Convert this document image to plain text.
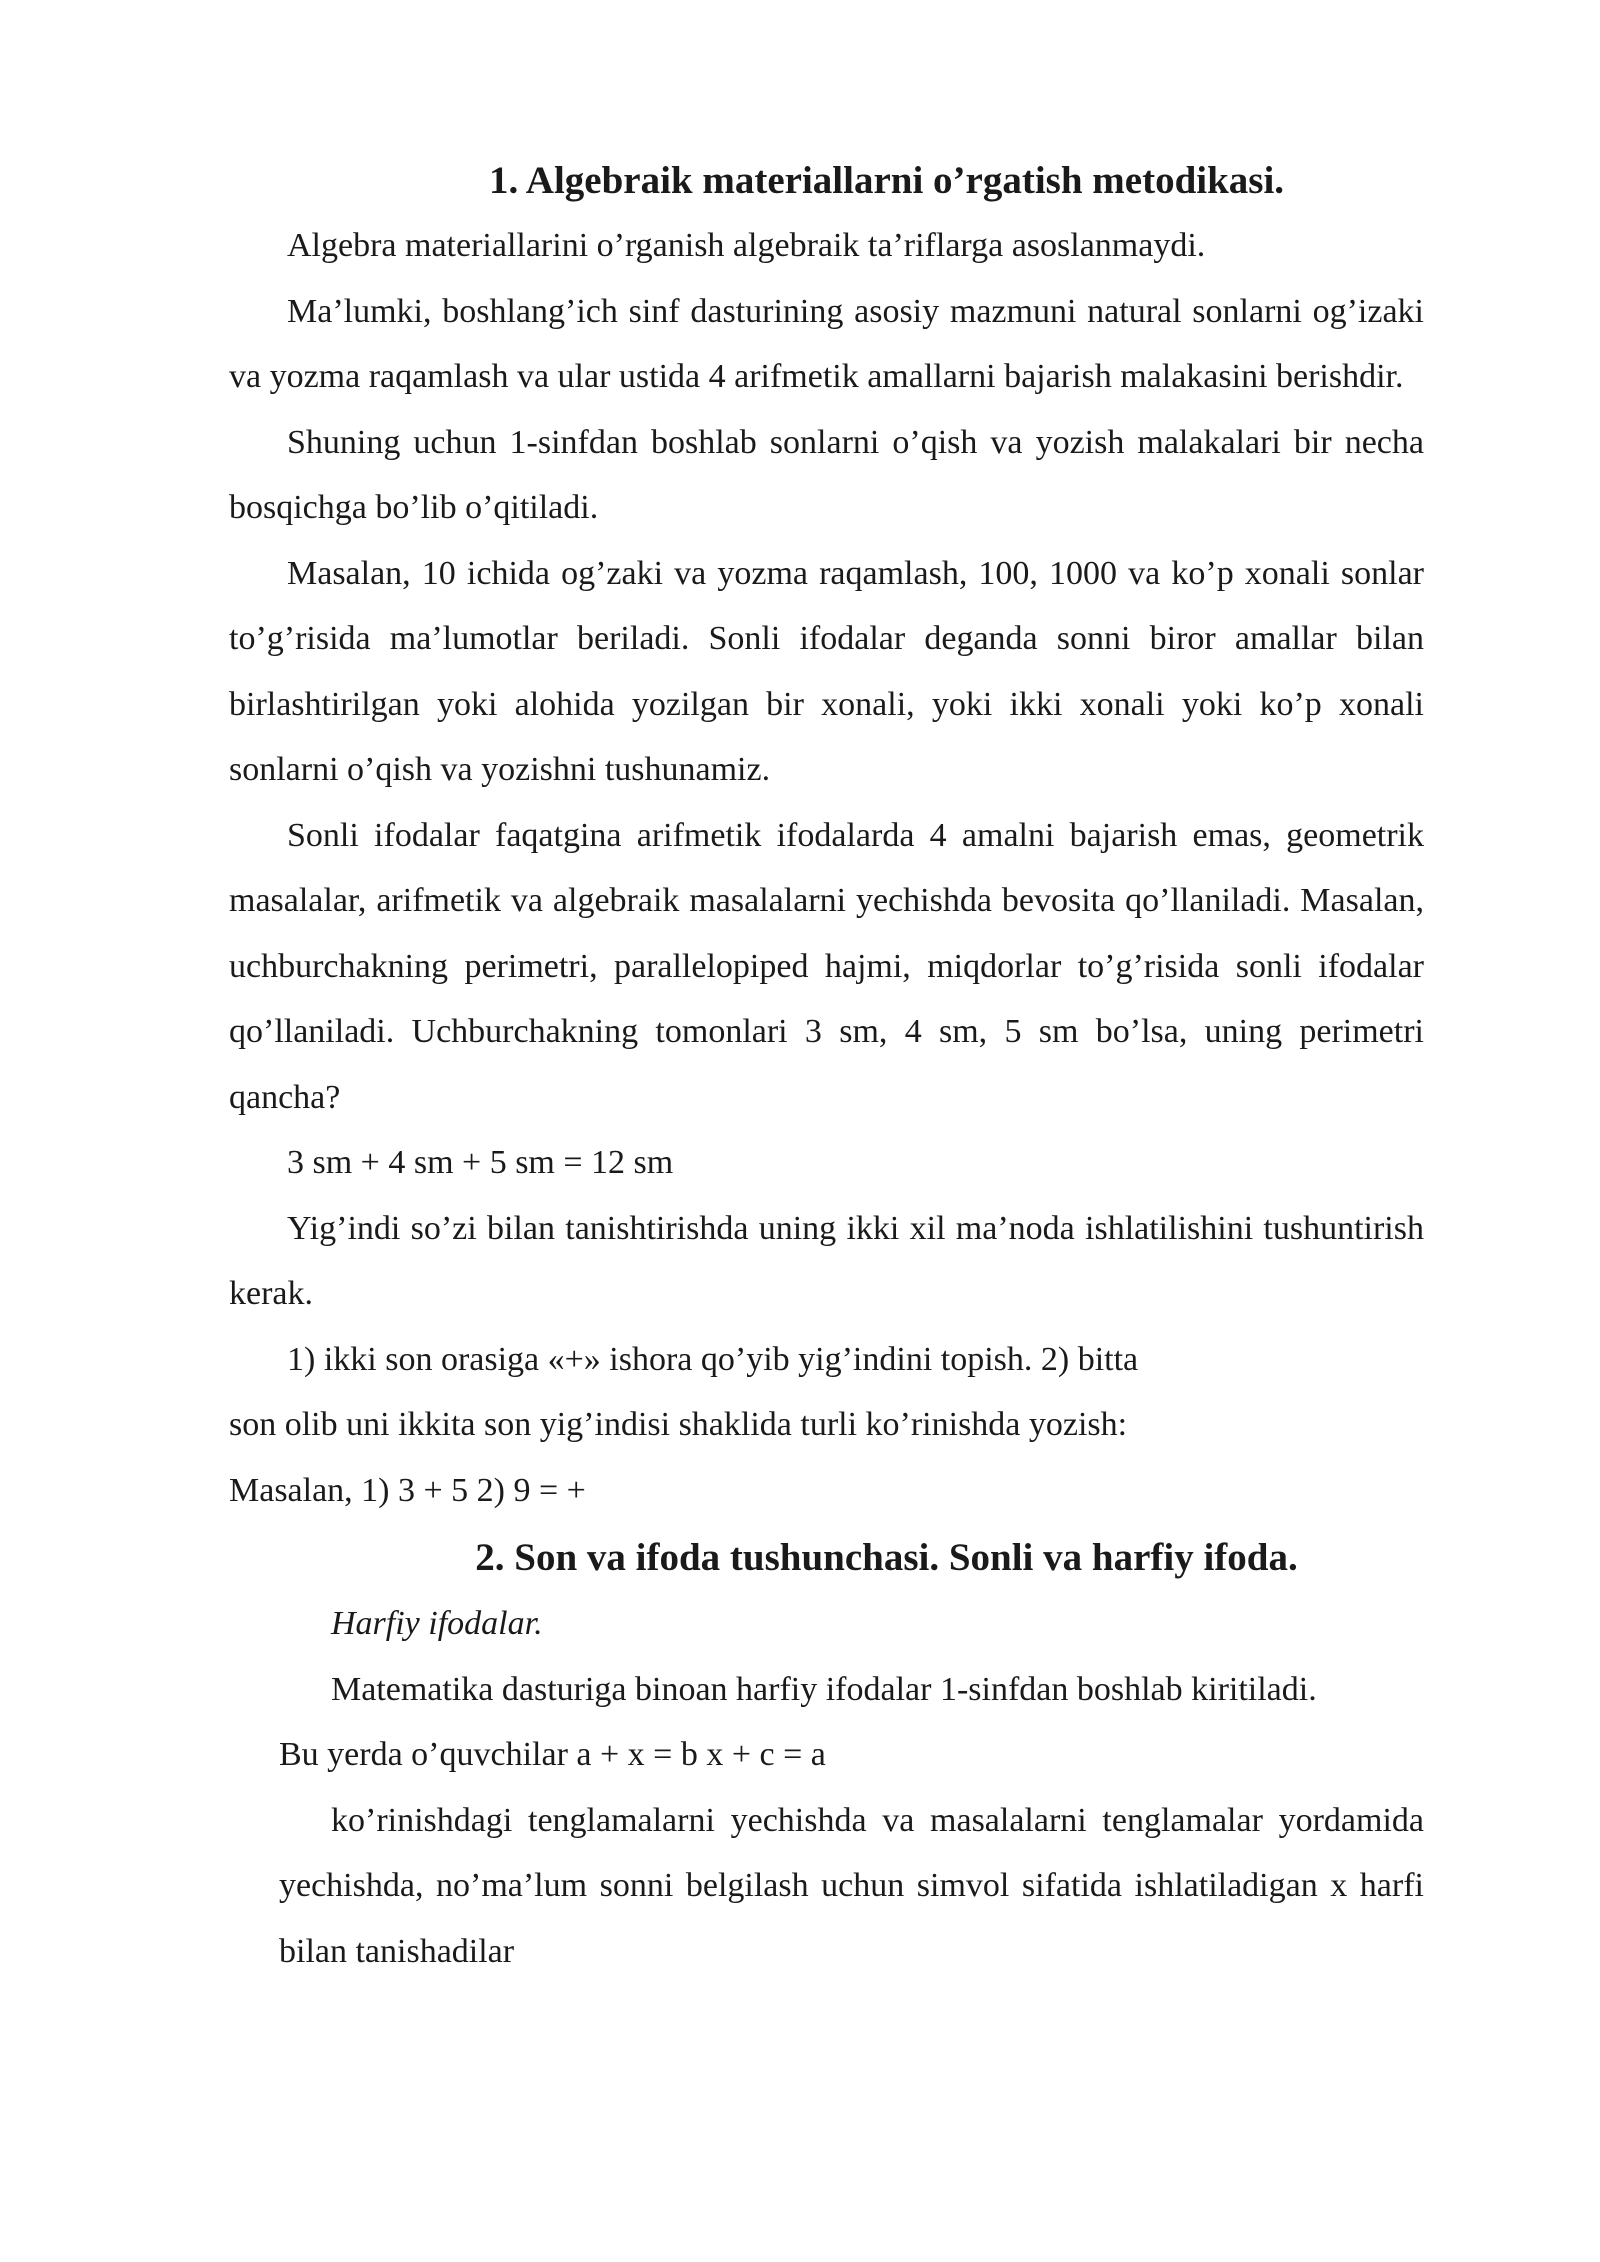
1. Algebraik materiallarni o’rgatish metodikasi.

Algebra materiallarini o’rganish algebraik ta’riflarga asoslanmaydi.

Ma’lumki, boshlang’ich sinf dasturining asosiy mazmuni natural sonlarni og’izaki va yozma raqamlash va ular ustida 4 arifmetik amallarni bajarish malakasini berishdir.

Shuning uchun 1-sinfdan boshlab sonlarni o’qish va yozish malakalari bir necha bosqichga bo’lib o’qitiladi.

Masalan, 10 ichida og’zaki va yozma raqamlash, 100, 1000 va ko’p xonali sonlar to’g’risida ma’lumotlar beriladi. Sonli ifodalar deganda sonni biror amallar bilan birlashtirilgan yoki alohida yozilgan bir xonali, yoki ikki xonali yoki ko’p xonali sonlarni o’qish va yozishni tushunamiz.

Sonli ifodalar faqatgina arifmetik ifodalarda 4 amalni bajarish emas, geometrik masalalar, arifmetik va algebraik masalalarni yechishda bevosita qo’llaniladi. Masalan, uchburchakning perimetri, parallelopiped hajmi, miqdorlar to’g’risida sonli ifodalar qo’llaniladi. Uchburchakning tomonlari 3 sm, 4 sm, 5 sm bo’lsa, uning perimetri qancha?

3 sm + 4 sm + 5 sm = 12 sm

Yig’indi so’zi bilan tanishtirishda uning ikki xil ma’noda ishlatilishini tushuntirish kerak.

1) ikki son orasiga «+» ishora qo’yib yig’indini topish. 2) bitta

son olib uni ikkita son yig’indisi shaklida turli ko’rinishda yozish:

Masalan, 1) 3 + 5 2) 9 = +

2. Son va ifoda tushunchasi. Sonli va harfiy ifoda.

Harfiy ifodalar.

Matematika dasturiga binoan harfiy ifodalar 1-sinfdan boshlab kiritiladi.

Bu yerda o’quvchilar a + x = b x + c = a

ko’rinishdagi tenglamalarni yechishda va masalalarni tenglamalar yordamida yechishda, no’ma’lum sonni belgilash uchun simvol sifatida ishlatiladigan x harfi bilan tanishadilar
